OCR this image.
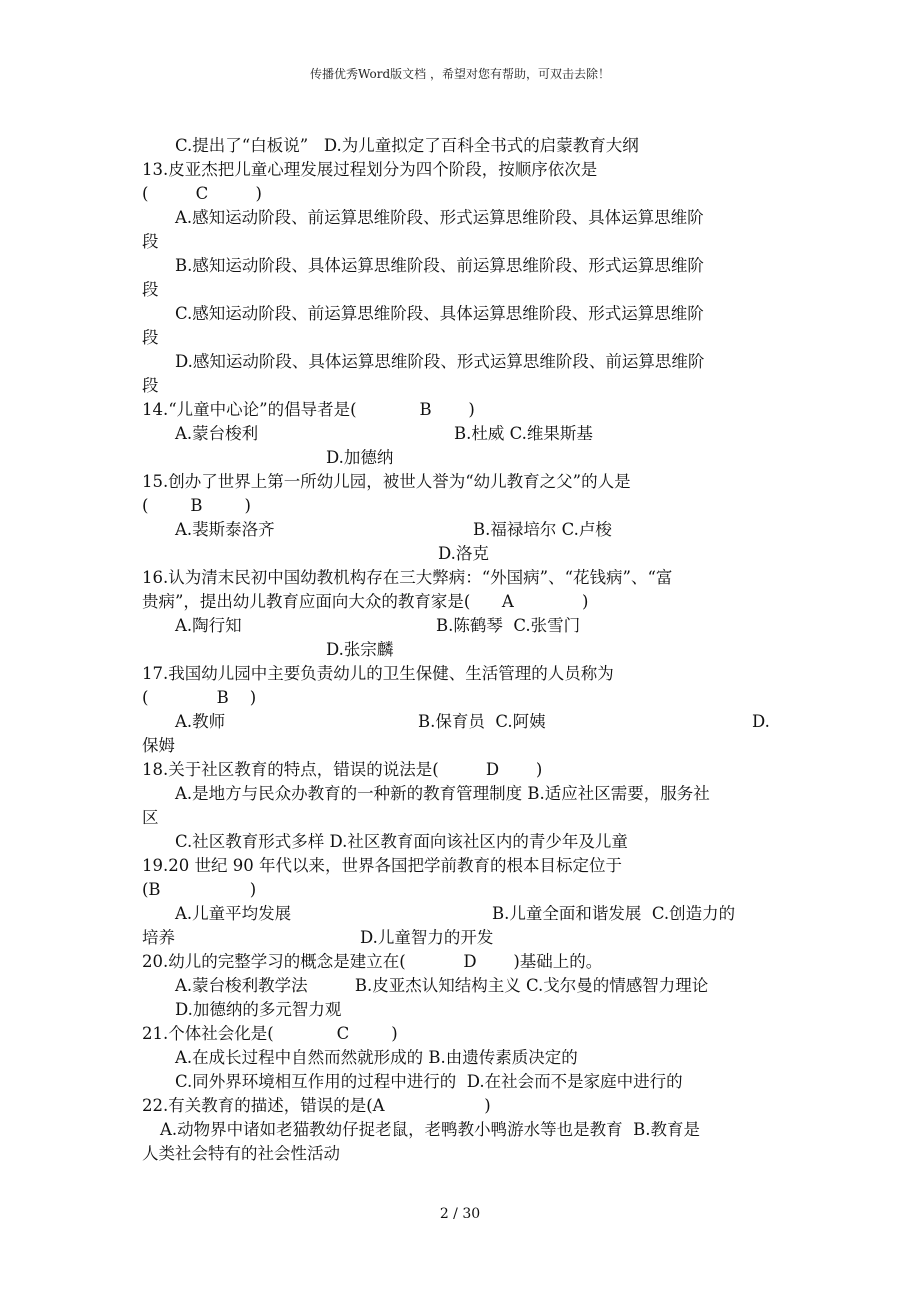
传播优秀Word版文档 ，希望对您有帮助，可双击去除！
C.提出了“白板说”   D.为儿童拟定了百科全书式的启蒙教育大纲
13.皮亚杰把儿童心理发展过程划分为四个阶段，按顺序依次是
(         C         )
A.感知运动阶段、前运算思维阶段、形式运算思维阶段、具体运算思维阶
段
B.感知运动阶段、具体运算思维阶段、前运算思维阶段、形式运算思维阶
段
C.感知运动阶段、前运算思维阶段、具体运算思维阶段、形式运算思维阶
段
D.感知运动阶段、具体运算思维阶段、形式运算思维阶段、前运算思维阶
段
14.“儿童中心论”的倡导者是(            B       )
A.蒙台梭利	B.杜威 C.维果斯基
D.加德纳
15.创办了世界上第一所幼儿园，被世人誉为“幼儿教育之父”的人是
(        B        )
A.裴斯泰洛齐	B.福禄培尔 C.卢梭
D.洛克
16.认为清末民初中国幼教机构存在三大弊病：“外国病”、“花钱病”、“富
贵病”，提出幼儿教育应面向大众的教育家是(      A             )
A.陶行知	B.陈鹤琴  C.张雪门
D.张宗麟
17.我国幼儿园中主要负责幼儿的卫生保健、生活管理的人员称为
(             B    )
A.教师	B.保育员  C.阿姨	D.
保姆
18.关于社区教育的特点，错误的说法是(         D       )
A.是地方与民众办教育的一种新的教育管理制度 B.适应社区需要，服务社
区
C.社区教育形式多样 D.社区教育面向该社区内的青少年及儿童
19.20 世纪 90 年代以来，世界各国把学前教育的根本目标定位于
(B                 )
A.儿童平均发展	B.儿童全面和谐发展  C.创造力的
培养	D.儿童智力的开发
20.幼儿的完整学习的概念是建立在(           D       )基础上的。
A.蒙台梭利教学法         B.皮亚杰认知结构主义 C.戈尔曼的情感智力理论
D.加德纳的多元智力观
21.个体社会化是(            C        )
A.在成长过程中自然而然就形成的 B.由遗传素质决定的
C.同外界环境相互作用的过程中进行的  D.在社会而不是家庭中进行的
22.有关教育的描述，错误的是(A                   )
A.动物界中诸如老猫教幼仔捉老鼠，老鸭教小鸭游水等也是教育  B.教育是
人类社会特有的社会性活动
2 / 30
